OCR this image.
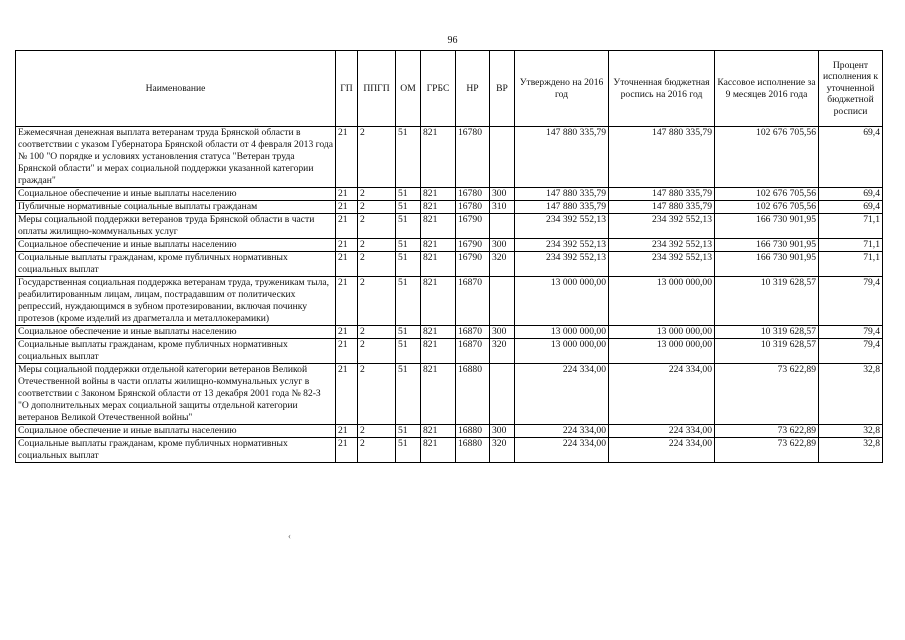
96
Наименование	ГП	ППГП	ОМ	ГРБС	НР	ВР	Утверждено на 2016 год	Уточненная бюджетная роспись на 2016 год	Кассовое исполнение за 9 месяцев 2016 года	Процент исполнения к уточненной бюджетной росписи
Ежемесячная денежная выплата ветеранам труда Брянской области в соответствии с указом Губернатора Брянской области от 4 февраля 2013 года № 100 "О порядке и условиях установления статуса "Ветеран труда Брянской области" и мерах социальной поддержки указанной категории граждан"	21	2	51	821	16780		147 880 335,79	147 880 335,79	102 676 705,56	69,4
Социальное обеспечение и иные выплаты населению	21	2	51	821	16780	300	147 880 335,79	147 880 335,79	102 676 705,56	69,4
Публичные нормативные социальные выплаты гражданам	21	2	51	821	16780	310	147 880 335,79	147 880 335,79	102 676 705,56	69,4
Меры социальной поддержки ветеранов труда Брянской области в части оплаты жилищно-коммунальных услуг	21	2	51	821	16790		234 392 552,13	234 392 552,13	166 730 901,95	71,1
Социальное обеспечение и иные выплаты населению	21	2	51	821	16790	300	234 392 552,13	234 392 552,13	166 730 901,95	71,1
Социальные выплаты гражданам, кроме публичных нормативных социальных выплат	21	2	51	821	16790	320	234 392 552,13	234 392 552,13	166 730 901,95	71,1
Государственная социальная поддержка ветеранам труда, труженикам тыла, реабилитированным лицам, лицам, пострадавшим от политических репрессий, нуждающимся в зубном протезировании, включая починку протезов (кроме изделий из драгметалла и металлокерамики)	21	2	51	821	16870		13 000 000,00	13 000 000,00	10 319 628,57	79,4
Социальное обеспечение и иные выплаты населению	21	2	51	821	16870	300	13 000 000,00	13 000 000,00	10 319 628,57	79,4
Социальные выплаты гражданам, кроме публичных нормативных социальных выплат	21	2	51	821	16870	320	13 000 000,00	13 000 000,00	10 319 628,57	79,4
Меры социальной поддержки отдельной категории ветеранов Великой Отечественной войны в части оплаты жилищно-коммунальных услуг в соответствии с Законом Брянской области от 13 декабря 2001 года № 82-З "О дополнительных мерах социальной защиты отдельной категории ветеранов Великой Отечественной войны"	21	2	51	821	16880		224 334,00	224 334,00	73 622,89	32,8
Социальное обеспечение и иные выплаты населению	21	2	51	821	16880	300	224 334,00	224 334,00	73 622,89	32,8
Социальные выплаты гражданам, кроме публичных нормативных социальных выплат	21	2	51	821	16880	320	224 334,00	224 334,00	73 622,89	32,8
‹
